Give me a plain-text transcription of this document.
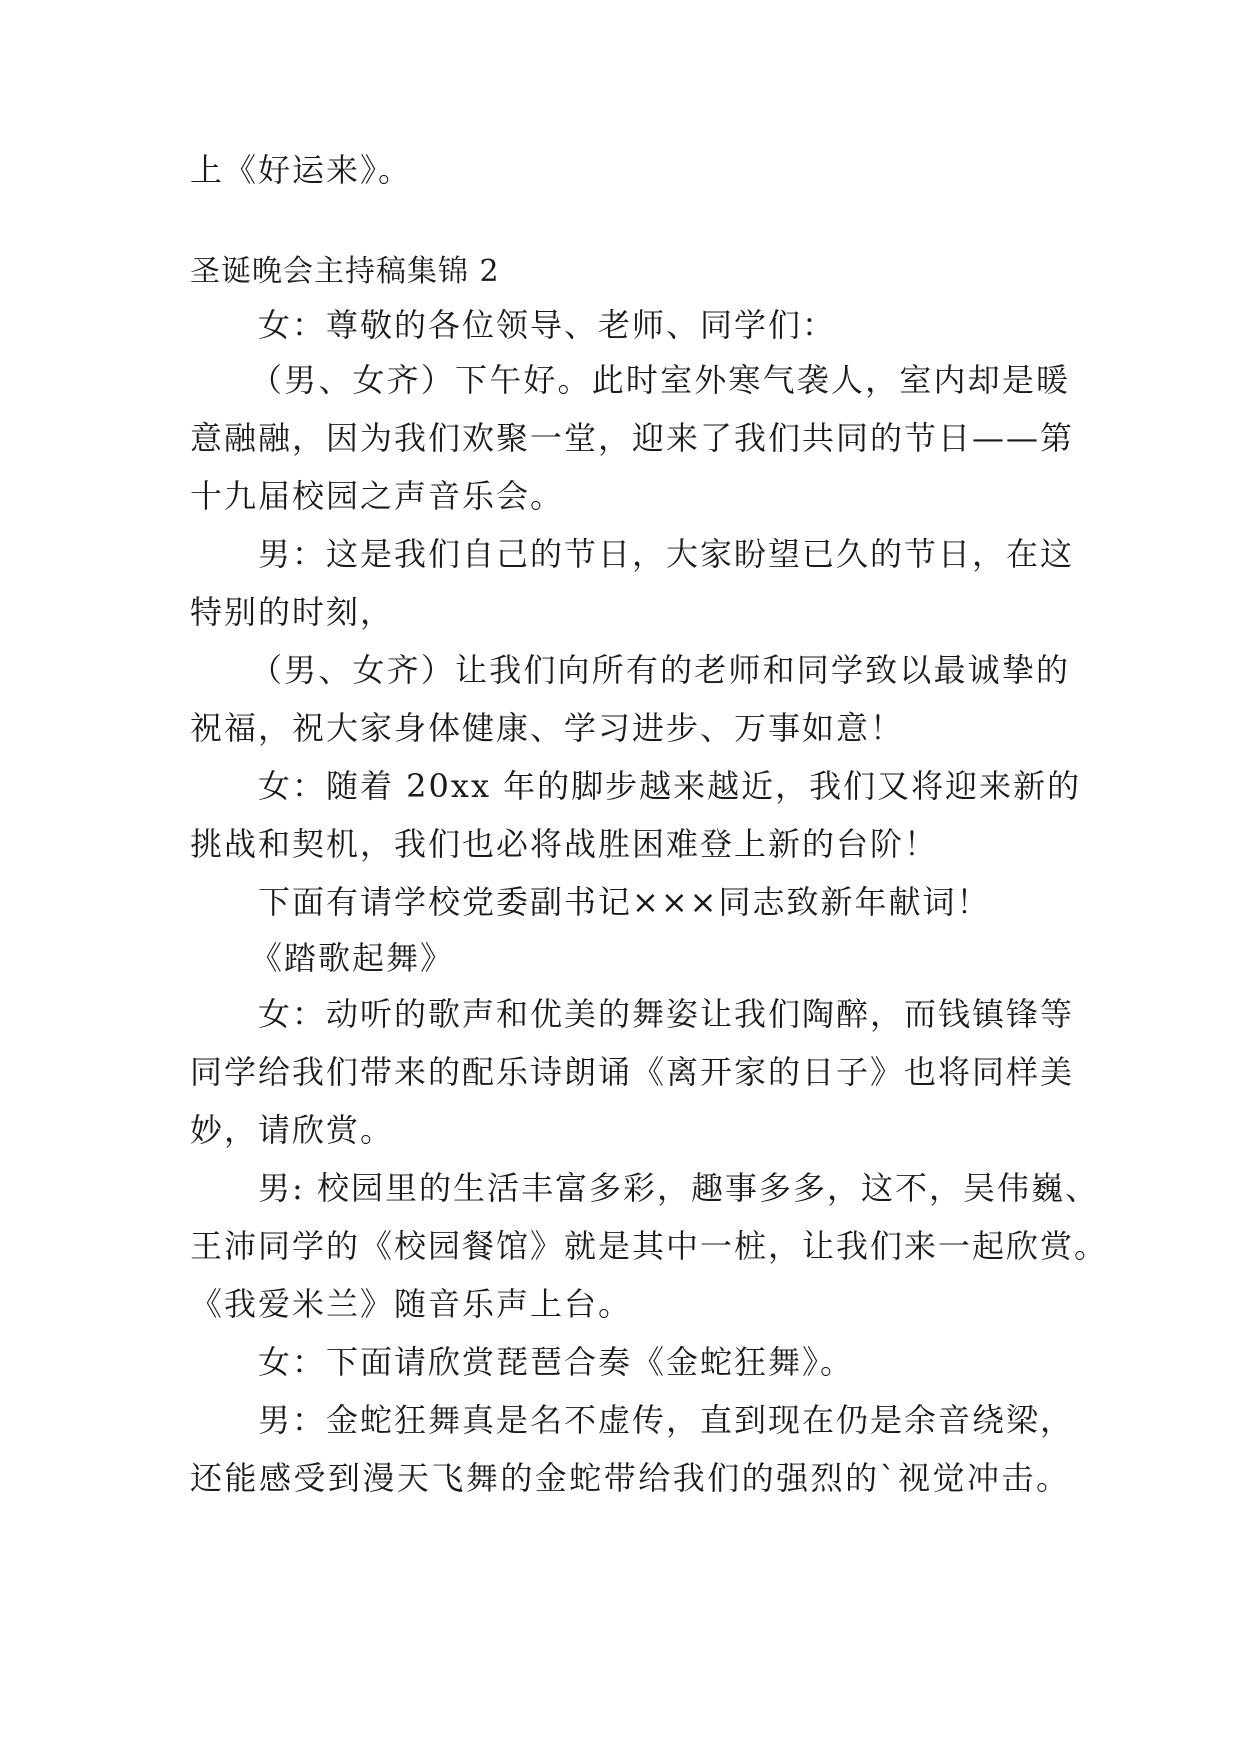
上《好运来》。
圣诞晚会主持稿集锦 2
女：尊敬的各位领导、老师、同学们：
（男、女齐）下午好。此时室外寒气袭人，室内却是暖
意融融，因为我们欢聚一堂，迎来了我们共同的节日——第
十九届校园之声音乐会。
男：这是我们自己的节日，大家盼望已久的节日，在这
特别的时刻，
（男、女齐）让我们向所有的老师和同学致以最诚挚的
祝福，祝大家身体健康、学习进步、万事如意！
女：随着 20xx 年的脚步越来越近，我们又将迎来新的
挑战和契机，我们也必将战胜困难登上新的台阶！
下面有请学校党委副书记×××同志致新年献词！
《踏歌起舞》
女：动听的歌声和优美的舞姿让我们陶醉，而钱镇锋等
同学给我们带来的配乐诗朗诵《离开家的日子》也将同样美
妙，请欣赏。
男: 校园里的生活丰富多彩，趣事多多，这不，吴伟巍、
王沛同学的《校园餐馆》就是其中一桩，让我们来一起欣赏。
《我爱米兰》随音乐声上台。
女：下面请欣赏琵琶合奏《金蛇狂舞》。
男：金蛇狂舞真是名不虚传，直到现在仍是余音绕梁，
还能感受到漫天飞舞的金蛇带给我们的强烈的`视觉冲击。
